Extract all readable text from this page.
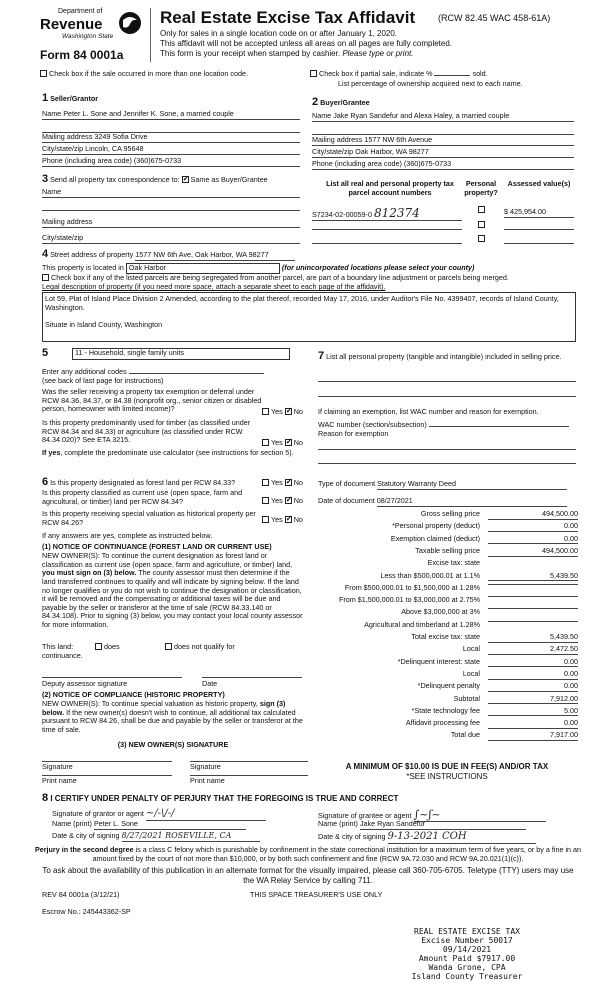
Department of
Revenue
Washington State
Form 84 0001a
Real Estate Excise Tax Affidavit	(RCW 82.45 WAC 458-61A)
Only for sales in a single location code on or after January 1, 2020.
This affidavit will not be accepted unless all areas on all pages are fully completed.
This form is your receipt when stamped by cashier. Please type or print.
Check box if the sale occurred in more than one location code.	Check box if partial sale, indicate %	sold.
List percentage of ownership acquired next to each name.
1 Seller/Grantor
Name Peter L. Sone and Jennifer K. Sone, a married couple
Mailing address 3249 Sofia Drive
City/state/zip Lincoln, CA 95648
Phone (including area code) (360)675-0733
2 Buyer/Grantee
Name Jake Ryan Sandefur and Alexa Haley, a married couple
Mailing address 1577 NW 6th Avenue
City/state/zip Oak Harbor, WA 98277
Phone (including area code) (360)675-0733
3 Send all property tax correspondence to: ✓ Same as Buyer/Grantee
Name
Mailing address
City/state/zip
List all real and personal property tax parcel account numbers
Personal property?
Assessed value(s)
S7234-02-00059-0 812374	$ 425,954.00
4 Street address of property 1577 NW 6th Ave, Oak Harbor, WA 98277
This property is located in Oak Harbor	(for unincorporated locations please select your county)
Check box if any of the listed parcels are being segregated from another parcel, are part of a boundary line adjustment or parcels being merged.
Legal description of property (if you need more space, attach a separate sheet to each page of the affidavit).
Lot 59, Plat of Island Place Division 2 Amended, according to the plat thereof, recorded May 17, 2016, under Auditor's File No. 4399407, records of Island County, Washington.
Situate in Island County, Washington
5	11 - Household, single family units
Enter any additional codes
(see back of last page for instructions)
Was the seller receiving a property tax exemption or deferral under RCW 84.36, 84.37, or 84.38 (nonprofit org., senior citizen or disabled person, homeowner with limited income)?	Yes ✓ No
Is this property predominantly used for timber (as classified under RCW 84.34 and 84.33) or agriculture (as classified under RCW 84.34.020)? See ETA 3215.	Yes ✓ No
If yes, complete the predominate use calculator (see instructions for section 5).
7 List all personal property (tangible and intangible) included in selling price.
If claiming an exemption, list WAC number and reason for exemption.
WAC number (section/subsection)
Reason for exemption
6 Is this property designated as forest land per RCW 84.33?	Yes ✓ No
Is this property classified as current use (open space, farm and agricultural, or timber) land per RCW 84.34?	Yes ✓ No
Is this property receiving special valuation as historical property per RCW 84.26?	Yes ✓ No
If any answers are yes, complete as instructed below.
(1) NOTICE OF CONTINUANCE (FOREST LAND OR CURRENT USE)
NEW OWNER(S): To continue the current designation as forest land or classification as current use (open space, farm and agriculture, or timber) land, you must sign on (3) below. The county assessor must then determine if the land transferred continues to qualify and will indicate by signing below. If the land no longer qualifies or you do not wish to continue the designation or classification, it will be removed and the compensating or additional taxes will be due and payable by the seller or transferor at the time of sale (RCW 84.33.140 or 84.34.108). Prior to signing (3) below, you may contact your local county assessor for more information.
This land:	does	does not qualify for
continuance.
Deputy assessor signature	Date
(2) NOTICE OF COMPLIANCE (HISTORIC PROPERTY)
NEW OWNER(S): To continue special valuation as historic property, sign (3) below. If the new owner(s) doesn't wish to continue, all additional tax calculated pursuant to RCW 84.26, shall be due and payable by the seller or transferor at the time of sale.
(3) NEW OWNER(S) SIGNATURE
Signature	Signature
Print name	Print name
Type of document Statutory Warranty Deed
Date of document 08/27/2021
Gross selling price	494,500.00
*Personal property (deduct)	0.00
Exemption claimed (deduct)	0.00
Taxable selling price	494,500.00
Excise tax: state
Less than $500,000.01 at 1.1%	5,439.50
From $500,000.01 to $1,500,000 at 1.28%
From $1,500,000.01 to $3,000,000 at 2.75%
Above $3,000,000 at 3%
Agricultural and timberland at 1.28%
Total excise tax: state	5,439.50
Local	2,472.50
*Delinquent interest: state	0.00
Local	0.00
*Delinquent penalty	0.00
Subtotal	7,912.00
*State technology fee	5.00
Affidavit processing fee	0.00
Total due	7,917.00
A MINIMUM OF $10.00 IS DUE IN FEE(S) AND/OR TAX
*SEE INSTRUCTIONS
8 I CERTIFY UNDER PENALTY OF PERJURY THAT THE FOREGOING IS TRUE AND CORRECT
Signature of grantor or agent ~/-\/-/
Name (print) Peter L. Sone
Date & city of signing 8/27/2021 ROSEVILLE, CA
Signature of grantee or agent ∫~ʃ~
Name (print) Jake Ryan Sandefur
Date & city of signing 9-13-2021 COH
Perjury in the second degree is a class C felony which is punishable by confinement in the state correctional institution for a maximum term of five years, or by a fine in an amount fixed by the court of not more than $10,000, or by both such confinement and fine (RCW 9A.72.030 and RCW 9A.20.021(1)(c)).
To ask about the availability of this publication in an alternate format for the visually impaired, please call 360-705-6705. Teletype (TTY) users may use the WA Relay Service by calling 711.
REV 84 0001a (3/12/21)	THIS SPACE TREASURER'S USE ONLY
Escrow No.: 245443362-SP
REAL ESTATE EXCISE TAX
Excise Number 50017
09/14/2021
Amount Paid $7917.00
Wanda Grone, CPA
Island County Treasurer
